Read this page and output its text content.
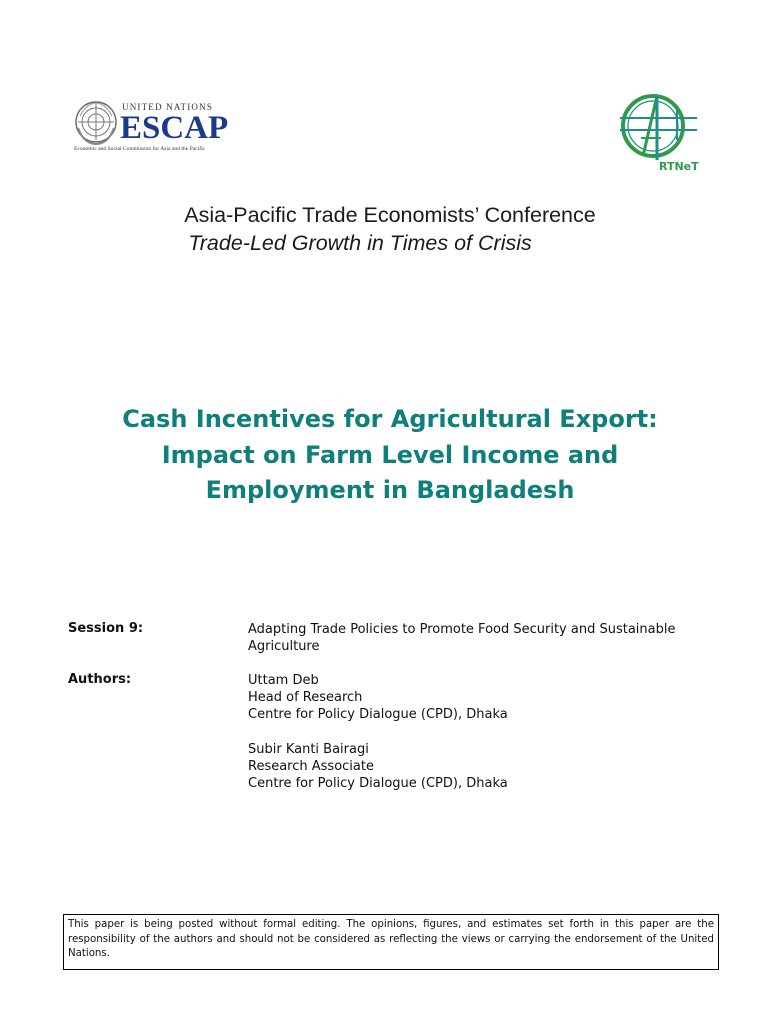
UNITED NATIONS
ESCAP
Economic and Social Commission for Asia and the Pacific
RTNeT
Asia-Pacific Trade Economists’ Conference
Trade-Led Growth in Times of Crisis
Cash Incentives for Agricultural Export:
Impact on Farm Level Income and
Employment in Bangladesh
Session 9:	Adapting Trade Policies to Promote Food Security and Sustainable
Agriculture
Authors:	Uttam Deb
Head of Research
Centre for Policy Dialogue (CPD), Dhaka
Subir Kanti Bairagi
Research Associate
Centre for Policy Dialogue (CPD), Dhaka
This paper is being posted without formal editing. The opinions, figures, and estimates set forth in this paper are the responsibility of the authors and should not be considered as reflecting the views or carrying the endorsement of the United Nations.
